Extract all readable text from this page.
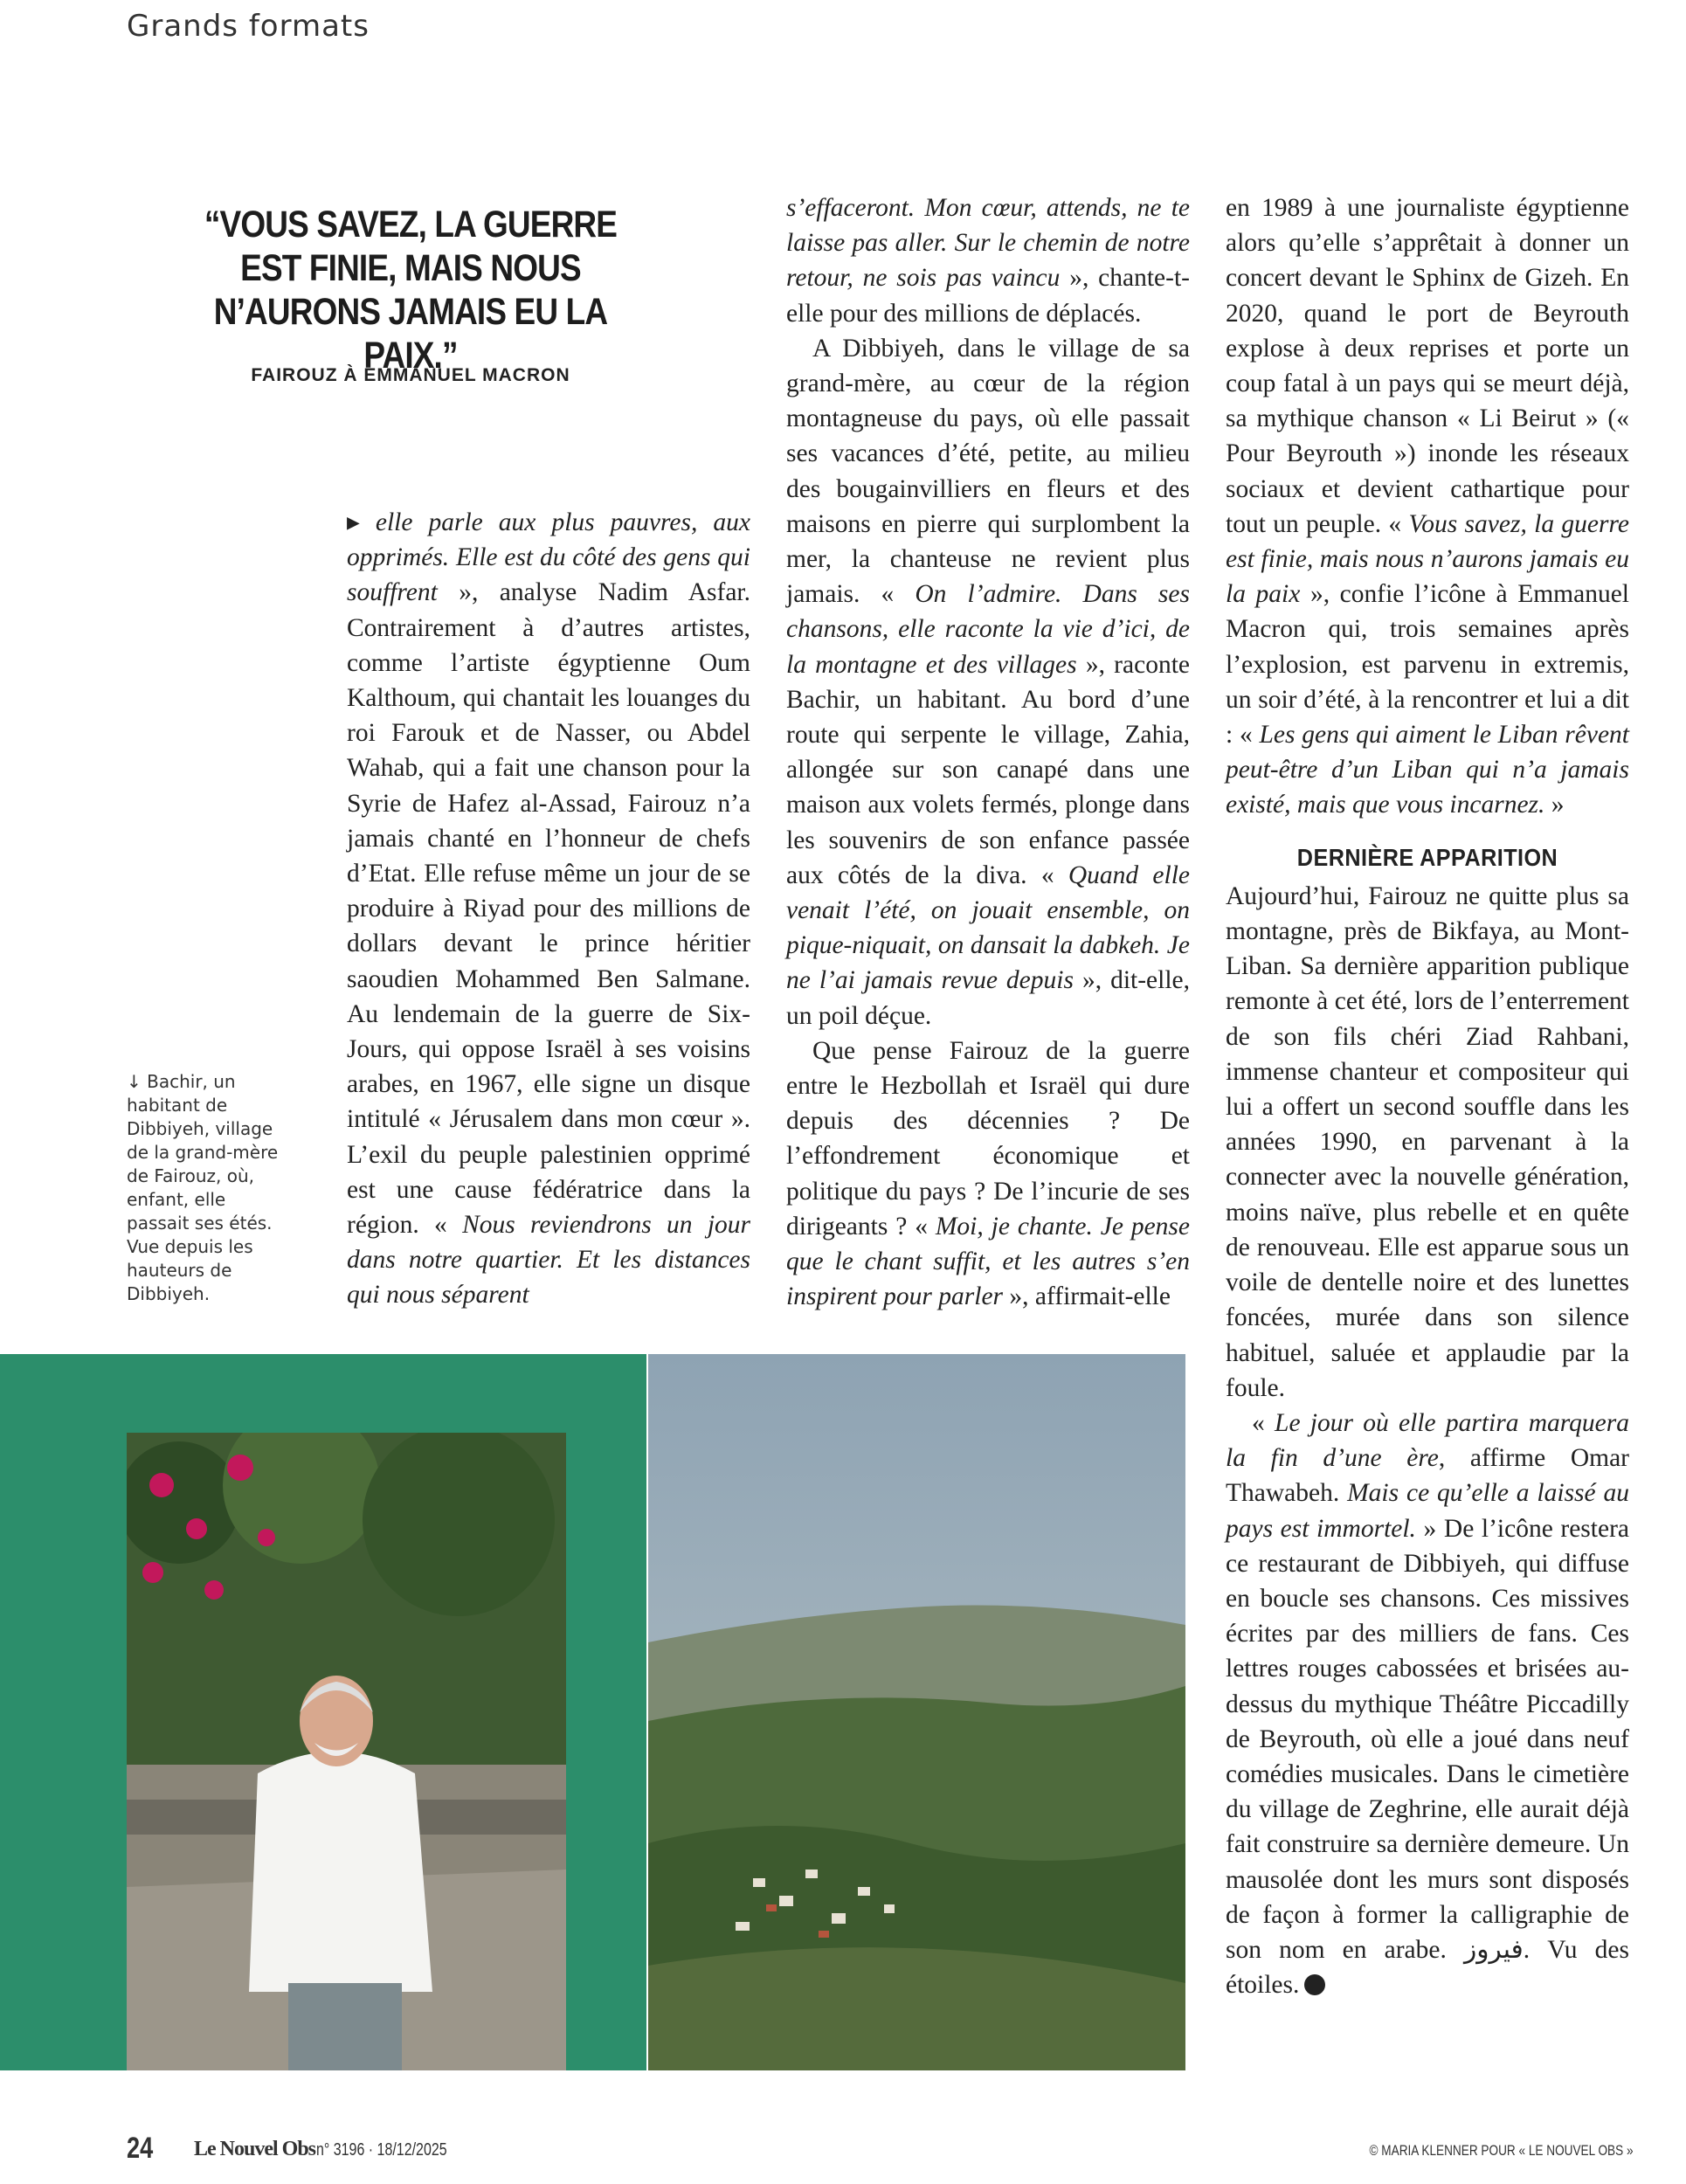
Grands formats
“VOUS SAVEZ, LA GUERRE EST FINIE, MAIS NOUS N’AURONS JAMAIS EU LA PAIX.”
FAIROUZ À EMMANUEL MACRON
↓ Bachir, un habitant de Dibbiyeh, village de la grand-mère de Fairouz, où, enfant, elle passait ses étés. Vue depuis les hauteurs de Dibbiyeh.

▸ elle parle aux plus pauvres, aux opprimés. Elle est du côté des gens qui souffrent », analyse Nadim Asfar. Contrairement à d’autres artistes, comme l’artiste égyptienne Oum Kalthoum, qui chantait les louanges du roi Farouk et de Nasser, ou Abdel Wahab, qui a fait une chanson pour la Syrie de Hafez al-Assad, Fairouz n’a jamais chanté en l’honneur de chefs d’Etat. Elle refuse même un jour de se produire à Riyad pour des millions de dollars devant le prince héritier saoudien Mohammed Ben Salmane. Au lendemain de la guerre de Six-Jours, qui oppose Israël à ses voisins arabes, en 1967, elle signe un disque intitulé « Jérusalem dans mon cœur ». L’exil du peuple palestinien opprimé est une cause fédératrice dans la région. « Nous reviendrons un jour dans notre quartier. Et les distances qui nous séparent

s’effaceront. Mon cœur, attends, ne te laisse pas aller. Sur le chemin de notre retour, ne sois pas vaincu », chante-t-elle pour des millions de déplacés.

A Dibbiyeh, dans le village de sa grand-mère, au cœur de la région montagneuse du pays, où elle passait ses vacances d’été, petite, au milieu des bougainvilliers en fleurs et des maisons en pierre qui surplombent la mer, la chanteuse ne revient plus jamais. « On l’admire. Dans ses chansons, elle raconte la vie d’ici, de la montagne et des villages », raconte Bachir, un habitant. Au bord d’une route qui serpente le village, Zahia, allongée sur son canapé dans une maison aux volets fermés, plonge dans les souvenirs de son enfance passée aux côtés de la diva. « Quand elle venait l’été, on jouait ensemble, on pique-niquait, on dansait la dabkeh. Je ne l’ai jamais revue depuis », dit-elle, un poil déçue.

Que pense Fairouz de la guerre entre le Hezbollah et Israël qui dure depuis des décennies ? De l’effondrement économique et politique du pays ? De l’incurie de ses dirigeants ? « Moi, je chante. Je pense que le chant suffit, et les autres s’en inspirent pour parler », affirmait-elle

en 1989 à une journaliste égyptienne alors qu’elle s’apprêtait à donner un concert devant le Sphinx de Gizeh. En 2020, quand le port de Beyrouth explose à deux reprises et porte un coup fatal à un pays qui se meurt déjà, sa mythique chanson « Li Beirut » (« Pour Beyrouth ») inonde les réseaux sociaux et devient cathartique pour tout un peuple. « Vous savez, la guerre est finie, mais nous n’aurons jamais eu la paix », confie l’icône à Emmanuel Macron qui, trois semaines après l’explosion, est parvenu in extremis, un soir d’été, à la rencontrer et lui a dit : « Les gens qui aiment le Liban rêvent peut-être d’un Liban qui n’a jamais existé, mais que vous incarnez. »

DERNIÈRE APPARITION

Aujourd’hui, Fairouz ne quitte plus sa montagne, près de Bikfaya, au Mont-Liban. Sa dernière apparition publique remonte à cet été, lors de l’enterrement de son fils chéri Ziad Rahbani, immense chanteur et compositeur qui lui a offert un second souffle dans les années 1990, en parvenant à la connecter avec la nouvelle génération, moins naïve, plus rebelle et en quête de renouveau. Elle est apparue sous un voile de dentelle noire et des lunettes foncées, murée dans son silence habituel, saluée et applaudie par la foule.

« Le jour où elle partira marquera la fin d’une ère, affirme Omar Thawabeh. Mais ce qu’elle a laissé au pays est immortel. » De l’icône restera ce restaurant de Dibbiyeh, qui diffuse en boucle ses chansons. Ces missives écrites par des milliers de fans. Ces lettres rouges cabossées et brisées au-dessus du mythique Théâtre Piccadilly de Beyrouth, où elle a joué dans neuf comédies musicales. Dans le cimetière du village de Zeghrine, elle aurait déjà fait construire sa dernière demeure. Un mausolée dont les murs sont disposés de façon à former la calligraphie de son nom en arabe. فيروز. Vu des étoiles.

24 Le Nouvel Obs n° 3196 · 18/12/2025	© MARIA KLENNER POUR « LE NOUVEL OBS »
